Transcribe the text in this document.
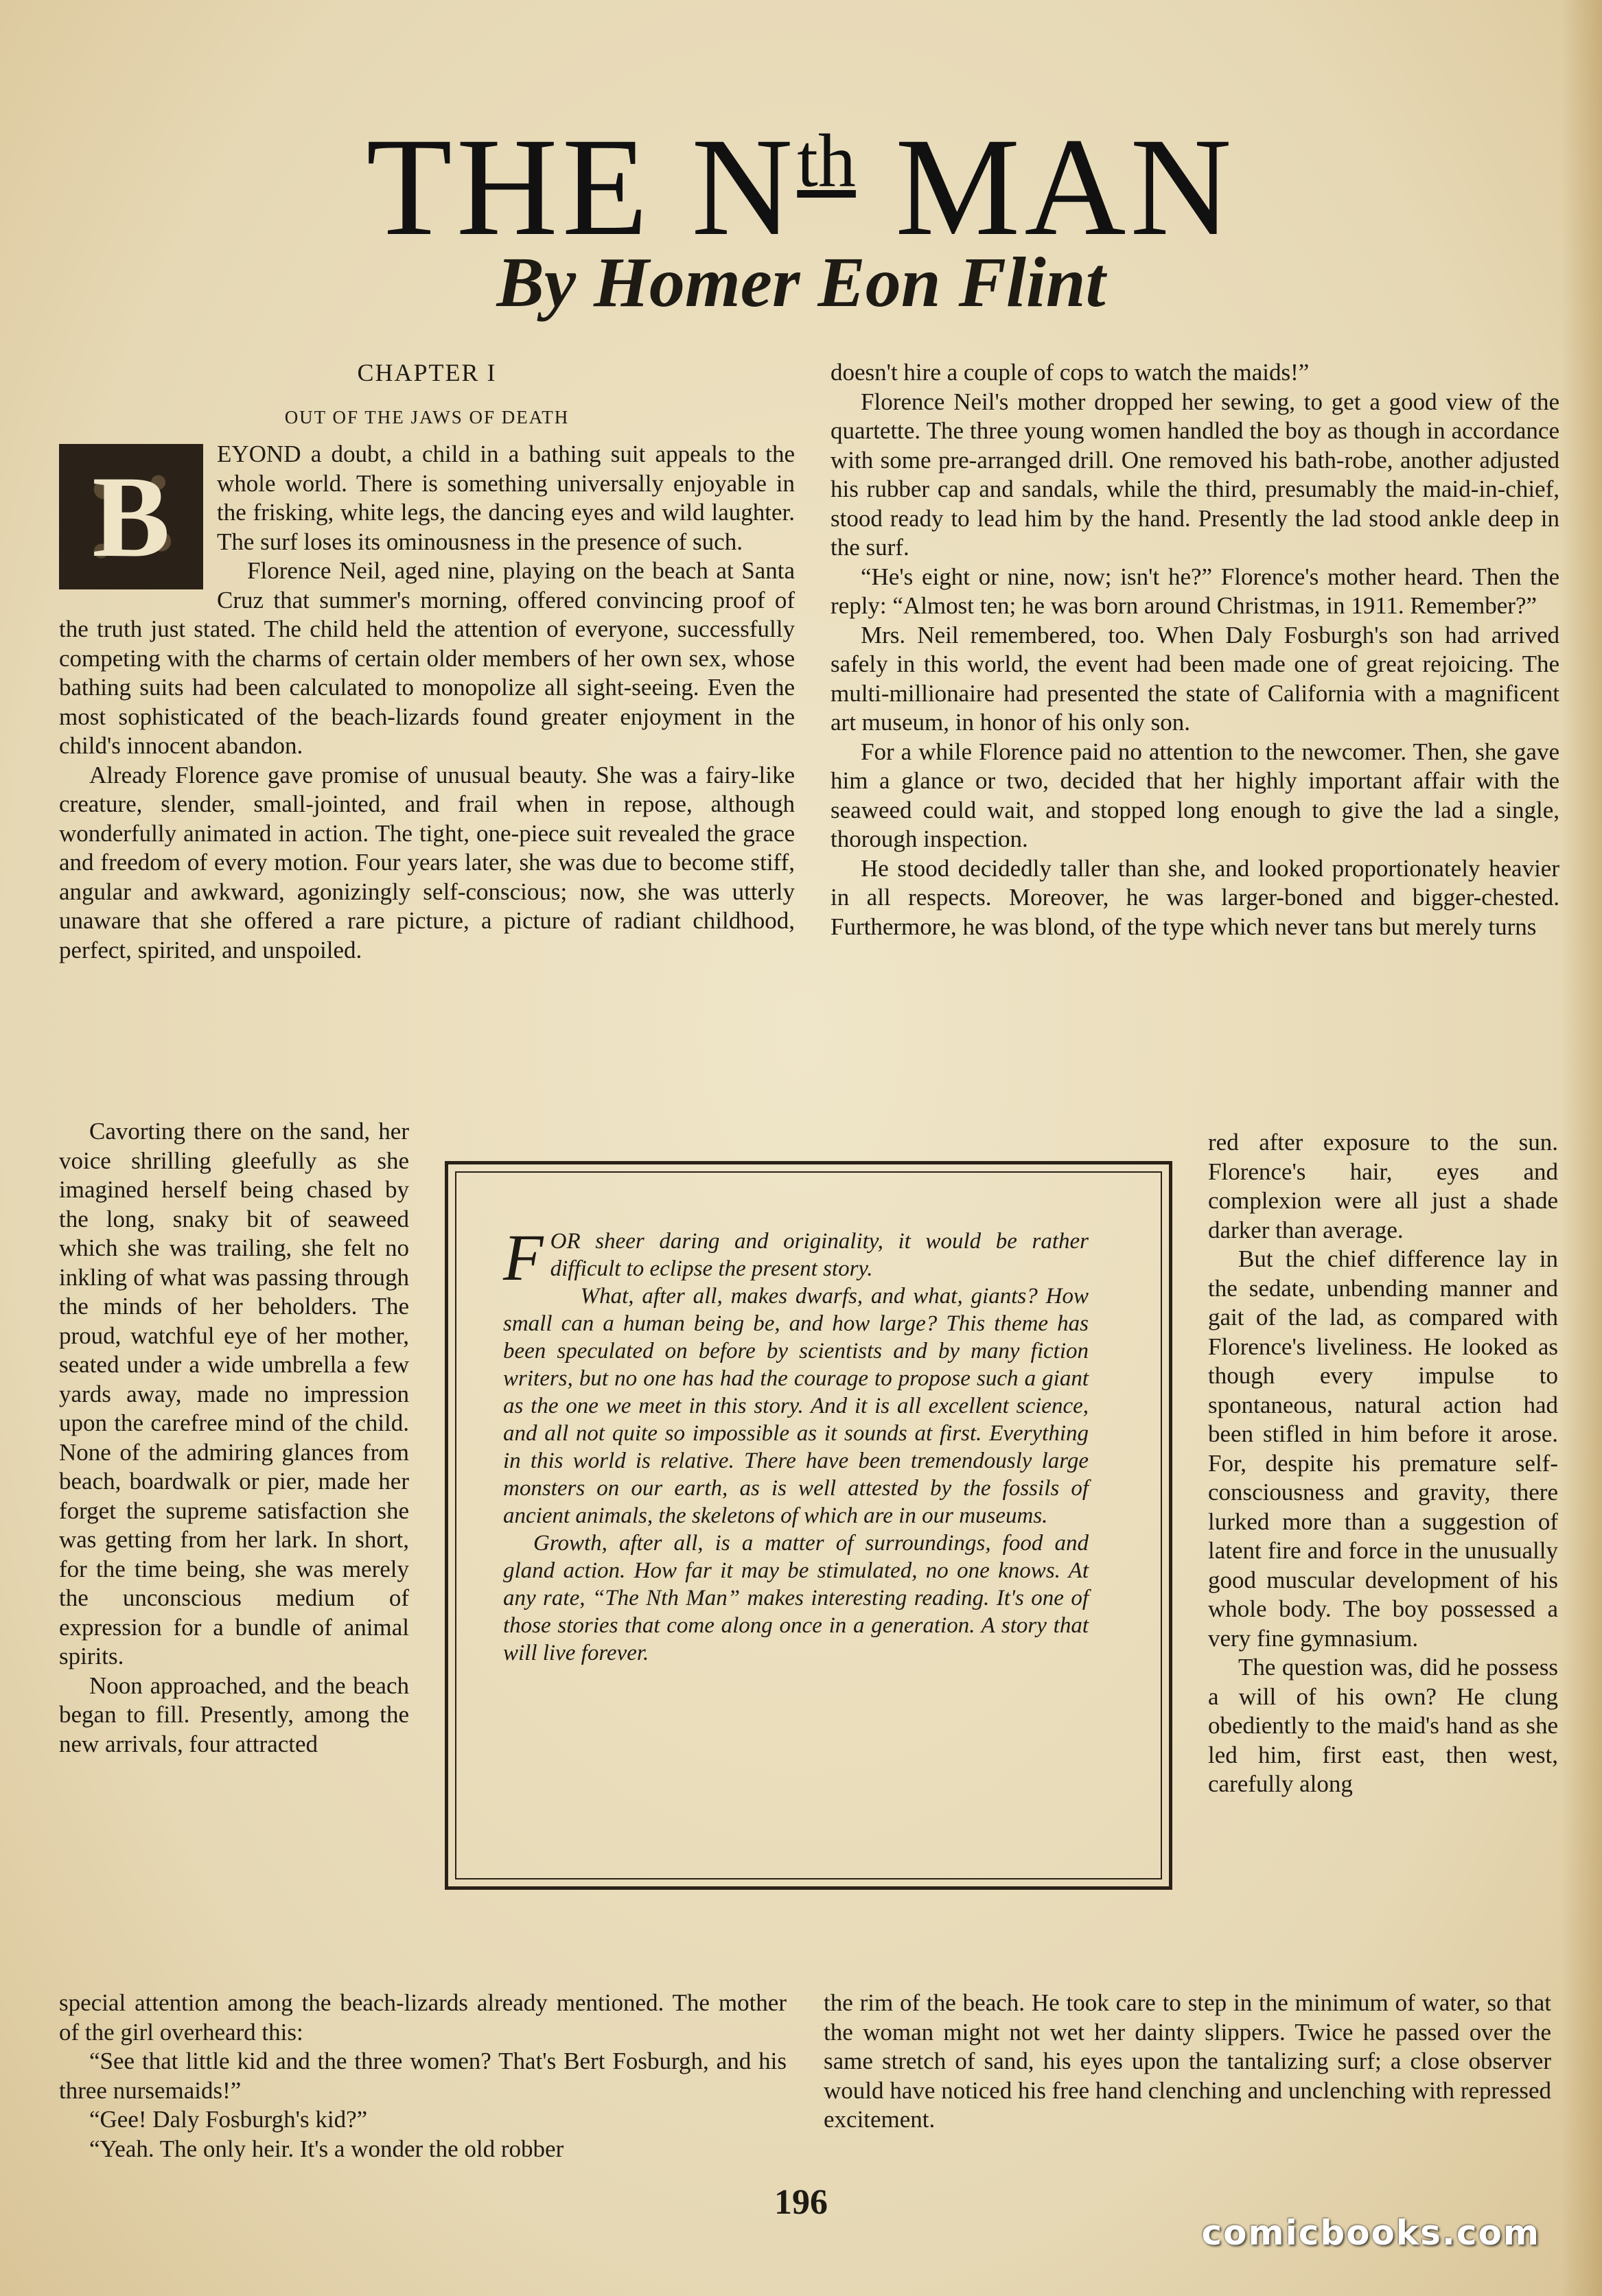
THE $N^{th}$ MAN
By Homer Eon Flint
CHAPTER I
OUT OF THE JAWS OF DEATH
B	EYOND a doubt, a child in a bathing suit appeals to the whole world. There is something universally enjoyable in the frisking, white legs, the dancing eyes and wild laughter. The surf loses its ominousness in the presence of such.

Florence Neil, aged nine, playing on the beach at Santa Cruz that summer's morning, offered convincing proof of the truth just stated. The child held the attention of everyone, successfully competing with the charms of certain older members of her own sex, whose bathing suits had been calculated to monopolize all sight-seeing. Even the most sophisticated of the beach-lizards found greater enjoyment in the child's innocent abandon.

Already Florence gave promise of unusual beauty. She was a fairy-like creature, slender, small-jointed, and frail when in repose, although wonderfully animated in action. The tight, one-piece suit revealed the grace and freedom of every motion. Four years later, she was due to become stiff, angular and awkward, agonizingly self-conscious; now, she was utterly unaware that she offered a rare picture, a picture of radiant childhood, perfect, spirited, and unspoiled.

Cavorting there on the sand, her voice shrilling gleefully as she imagined herself being chased by the long, snaky bit of seaweed which she was trailing, she felt no inkling of what was passing through the minds of her beholders. The proud, watchful eye of her mother, seated under a wide umbrella a few yards away, made no impression upon the carefree mind of the child. None of the admiring glances from beach, boardwalk or pier, made her forget the supreme satisfaction she was getting from her lark. In short, for the time being, she was merely the unconscious medium of expression for a bundle of animal spirits.

Noon approached, and the beach began to fill. Presently, among the new arrivals, four attracted

special attention among the beach-lizards already mentioned. The mother of the girl overheard this:

“See that little kid and the three women? That's Bert Fosburgh, and his three nursemaids!”

“Gee! Daly Fosburgh's kid?”

“Yeah. The only heir. It's a wonder the old robber

doesn't hire a couple of cops to watch the maids!”

Florence Neil's mother dropped her sewing, to get a good view of the quartette. The three young women handled the boy as though in accordance with some pre-arranged drill. One removed his bath-robe, another adjusted his rubber cap and sandals, while the third, presumably the maid-in-chief, stood ready to lead him by the hand. Presently the lad stood ankle deep in the surf.

“He's eight or nine, now; isn't he?” Florence's mother heard. Then the reply: “Almost ten; he was born around Christmas, in 1911. Remember?”

Mrs. Neil remembered, too. When Daly Fosburgh's son had arrived safely in this world, the event had been made one of great rejoicing. The multi-millionaire had presented the state of California with a magnificent art museum, in honor of his only son.

For a while Florence paid no attention to the newcomer. Then, she gave him a glance or two, decided that her highly important affair with the seaweed could wait, and stopped long enough to give the lad a single, thorough inspection.

He stood decidedly taller than she, and looked proportionately heavier in all respects. Moreover, he was larger-boned and bigger-chested. Furthermore, he was blond, of the type which never tans but merely turns

red after exposure to the sun. Florence's hair, eyes and complexion were all just a shade darker than average.

But the chief difference lay in the sedate, unbending manner and gait of the lad, as compared with Florence's liveliness. He looked as though every impulse to spontaneous, natural action had been stifled in him before it arose. For, despite his premature self-consciousness and gravity, there lurked more than a suggestion of latent fire and force in the unusually good muscular development of his whole body. The boy possessed a very fine gymnasium.

The question was, did he possess a will of his own? He clung obediently to the maid's hand as she led him, first east, then west, carefully along

the rim of the beach. He took care to step in the minimum of water, so that the woman might not wet her dainty slippers. Twice he passed over the same stretch of sand, his eyes upon the tantalizing surf; a close observer would have noticed his free hand clenching and unclenching with repressed excitement.

FOR sheer daring and originality, it would be rather difficult to eclipse the present story.

What, after all, makes dwarfs, and what, giants? How small can a human being be, and how large? This theme has been speculated on before by scientists and by many fiction writers, but no one has had the courage to propose such a giant as the one we meet in this story. And it is all excellent science, and all not quite so impossible as it sounds at first. Everything in this world is relative. There have been tremendously large monsters on our earth, as is well attested by the fossils of ancient animals, the skeletons of which are in our museums.

Growth, after all, is a matter of surroundings, food and gland action. How far it may be stimulated, no one knows. At any rate, “The Nth Man” makes interesting reading. It's one of those stories that come along once in a generation. A story that will live forever.

196
comicbooks.com
